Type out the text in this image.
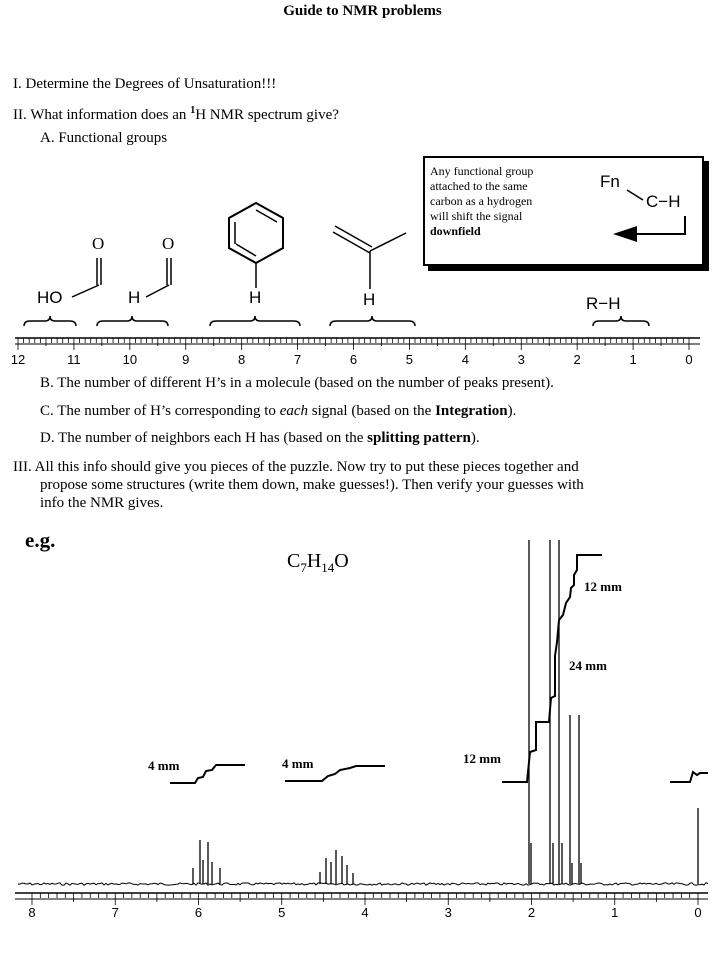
Guide to NMR problems
I. Determine the Degrees of Unsaturation!!!
II. What information does an $^1$H NMR spectrum give?
A. Functional groups
Any functional group
attached to the same
carbon as a hydrogen
will shift the signal
downfield
Fn
C−H
O
HO
O
H	H	H	R−H
12	11	10	9	8	7	6	5	4	3	2	1	0
B. The number of different H’s in a molecule (based on the number of peaks present).
C. The number of H’s corresponding to each signal (based on the Integration).
D. The number of neighbors each H has (based on the splitting pattern).
III. All this info should give you pieces of the puzzle. Now try to put these pieces together and
propose some structures (write them down, make guesses!). Then verify your guesses with
info the NMR gives.
e.g.
$C_7H_{14}O$
4 mm	4 mm	12 mm
12 mm
24 mm
8	7	6	5	4	3	2	1	0
